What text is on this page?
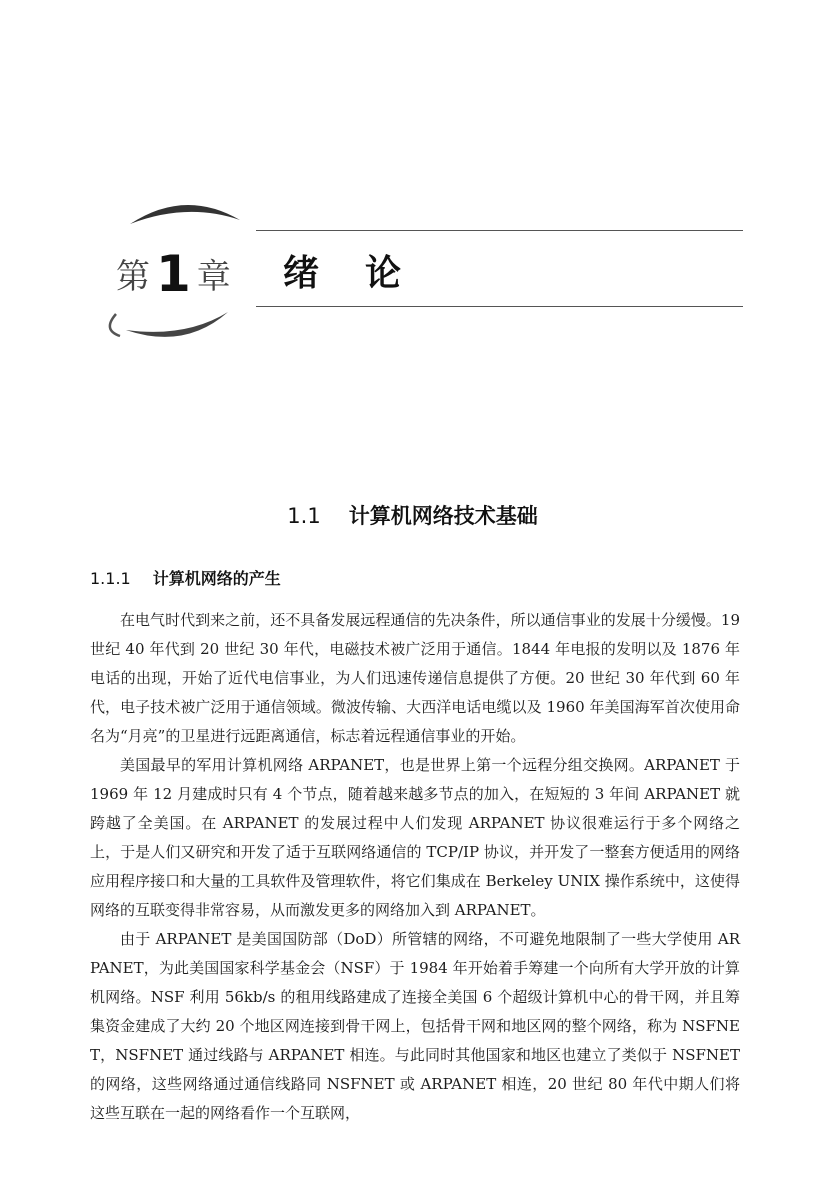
第 1 章 绪论
1.1 计算机网络技术基础
1.1.1 计算机网络的产生

在电气时代到来之前，还不具备发展远程通信的先决条件，所以通信事业的发展十分缓慢。19 世纪 40 年代到 20 世纪 30 年代，电磁技术被广泛用于通信。1844 年电报的发明以及 1876 年电话的出现，开始了近代电信事业，为人们迅速传递信息提供了方便。20 世纪 30 年代到 60 年代，电子技术被广泛用于通信领域。微波传输、大西洋电话电缆以及 1960 年美国海军首次使用命名为“月亮”的卫星进行远距离通信，标志着远程通信事业的开始。

美国最早的军用计算机网络 ARPANET，也是世界上第一个远程分组交换网。ARPANET 于 1969 年 12 月建成时只有 4 个节点，随着越来越多节点的加入，在短短的 3 年间 ARPANET 就跨越了全美国。在 ARPANET 的发展过程中人们发现 ARPANET 协议很难运行于多个网络之上，于是人们又研究和开发了适于互联网络通信的 TCP/IP 协议，并开发了一整套方便适用的网络应用程序接口和大量的工具软件及管理软件，将它们集成在 Berkeley UNIX 操作系统中，这使得网络的互联变得非常容易，从而激发更多的网络加入到 ARPANET。

由于 ARPANET 是美国国防部（DoD）所管辖的网络，不可避免地限制了一些大学使用 ARPANET，为此美国国家科学基金会（NSF）于 1984 年开始着手筹建一个向所有大学开放的计算机网络。NSF 利用 56kb/s 的租用线路建成了连接全美国 6 个超级计算机中心的骨干网，并且筹集资金建成了大约 20 个地区网连接到骨干网上，包括骨干网和地区网的整个网络，称为 NSFNET，NSFNET 通过线路与 ARPANET 相连。与此同时其他国家和地区也建立了类似于 NSFNET 的网络，这些网络通过通信线路同 NSFNET 或 ARPANET 相连，20 世纪 80 年代中期人们将这些互联在一起的网络看作一个互联网，
